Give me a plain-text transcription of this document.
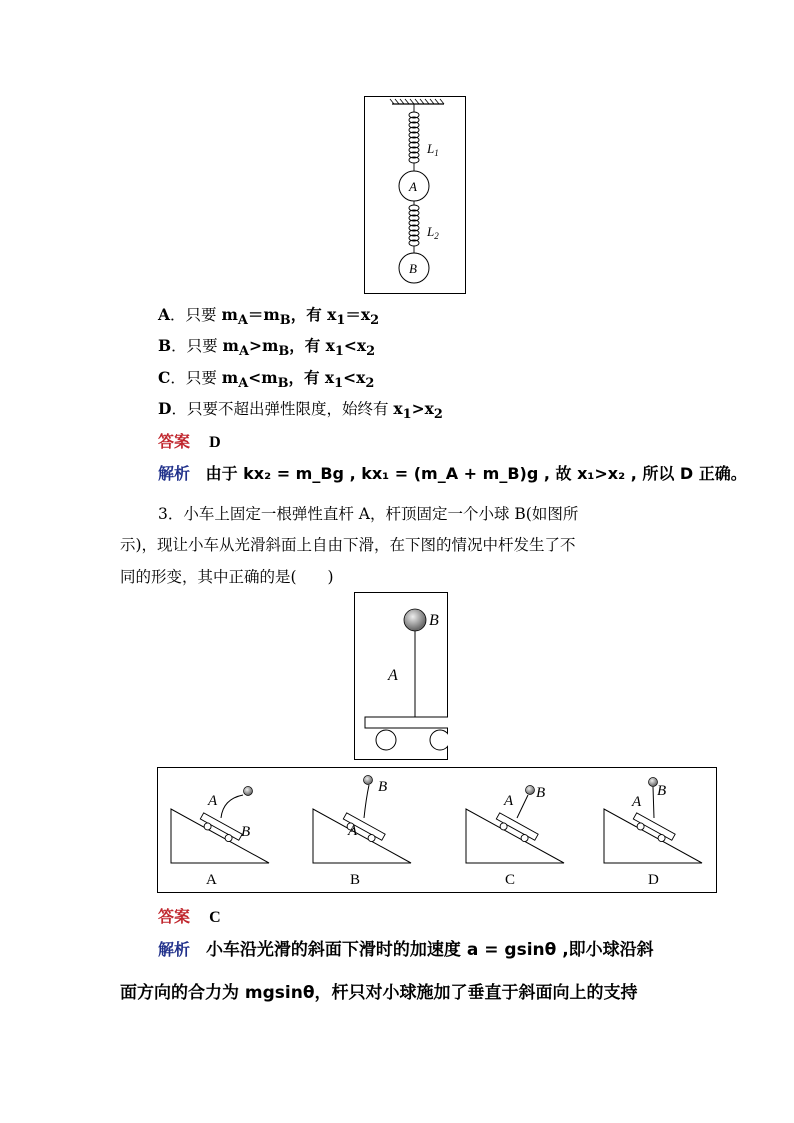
$L_1$
A
$L_2$
B
A．只要 $m_A=m_B$，有 $x_1=x_2$
B．只要 $m_A>m_B$，有 $x_1<x_2$
C．只要 $m_A<m_B$，有 $x_1<x_2$
D．只要不超出弹性限度，始终有 $x_1>x_2$
答案 D
解析 由于 kx₂ = m_Bg , kx₁ = (m_A + m_B)g , 故 x₁>x₂ , 所以 D 正确。
3．小车上固定一根弹性直杆 A，杆顶固定一个小球 B(如图所
示)，现让小车从光滑斜面上自由下滑，在下图的情况中杆发生了不
同的形变，其中正确的是(　　)
B
A
A
B
A
A
B
B
A B
C
A
B
D
答案 C
解析 小车沿光滑的斜面下滑时的加速度 a = gsinθ ,即小球沿斜
面方向的合力为 mgsinθ，杆只对小球施加了垂直于斜面向上的支持
